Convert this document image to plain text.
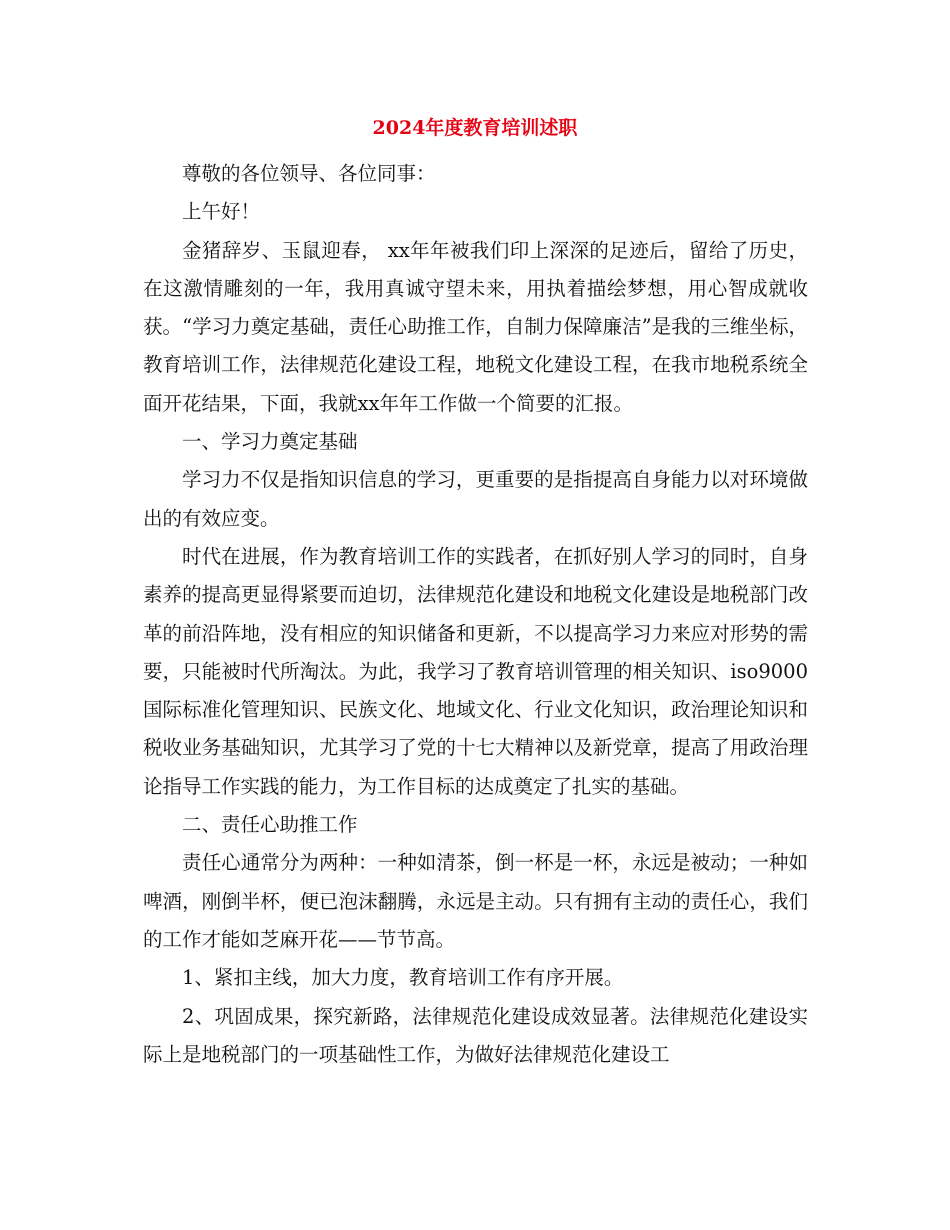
2024年度教育培训述职

尊敬的各位领导、各位同事：

上午好！

金猪辞岁、玉鼠迎春， xx年年被我们印上深深的足迹后，留给了历史，在这激情雕刻的一年，我用真诚守望未来，用执着描绘梦想，用心智成就收获。“学习力奠定基础，责任心助推工作，自制力保障廉洁”是我的三维坐标，教育培训工作，法律规范化建设工程，地税文化建设工程，在我市地税系统全面开花结果，下面，我就xx年年工作做一个简要的汇报。

一、学习力奠定基础

学习力不仅是指知识信息的学习，更重要的是指提高自身能力以对环境做出的有效应变。

时代在进展，作为教育培训工作的实践者，在抓好别人学习的同时，自身素养的提高更显得紧要而迫切，法律规范化建设和地税文化建设是地税部门改革的前沿阵地，没有相应的知识储备和更新，不以提高学习力来应对形势的需要，只能被时代所淘汰。为此，我学习了教育培训管理的相关知识、iso9000国际标准化管理知识、民族文化、地域文化、行业文化知识，政治理论知识和税收业务基础知识，尤其学习了党的十七大精神以及新党章，提高了用政治理论指导工作实践的能力，为工作目标的达成奠定了扎实的基础。

二、责任心助推工作

责任心通常分为两种：一种如清茶，倒一杯是一杯，永远是被动；一种如啤酒，刚倒半杯，便已泡沫翻腾，永远是主动。只有拥有主动的责任心，我们的工作才能如芝麻开花——节节高。

1、紧扣主线，加大力度，教育培训工作有序开展。

2、巩固成果，探究新路，法律规范化建设成效显著。法律规范化建设实际上是地税部门的一项基础性工作，为做好法律规范化建设工
